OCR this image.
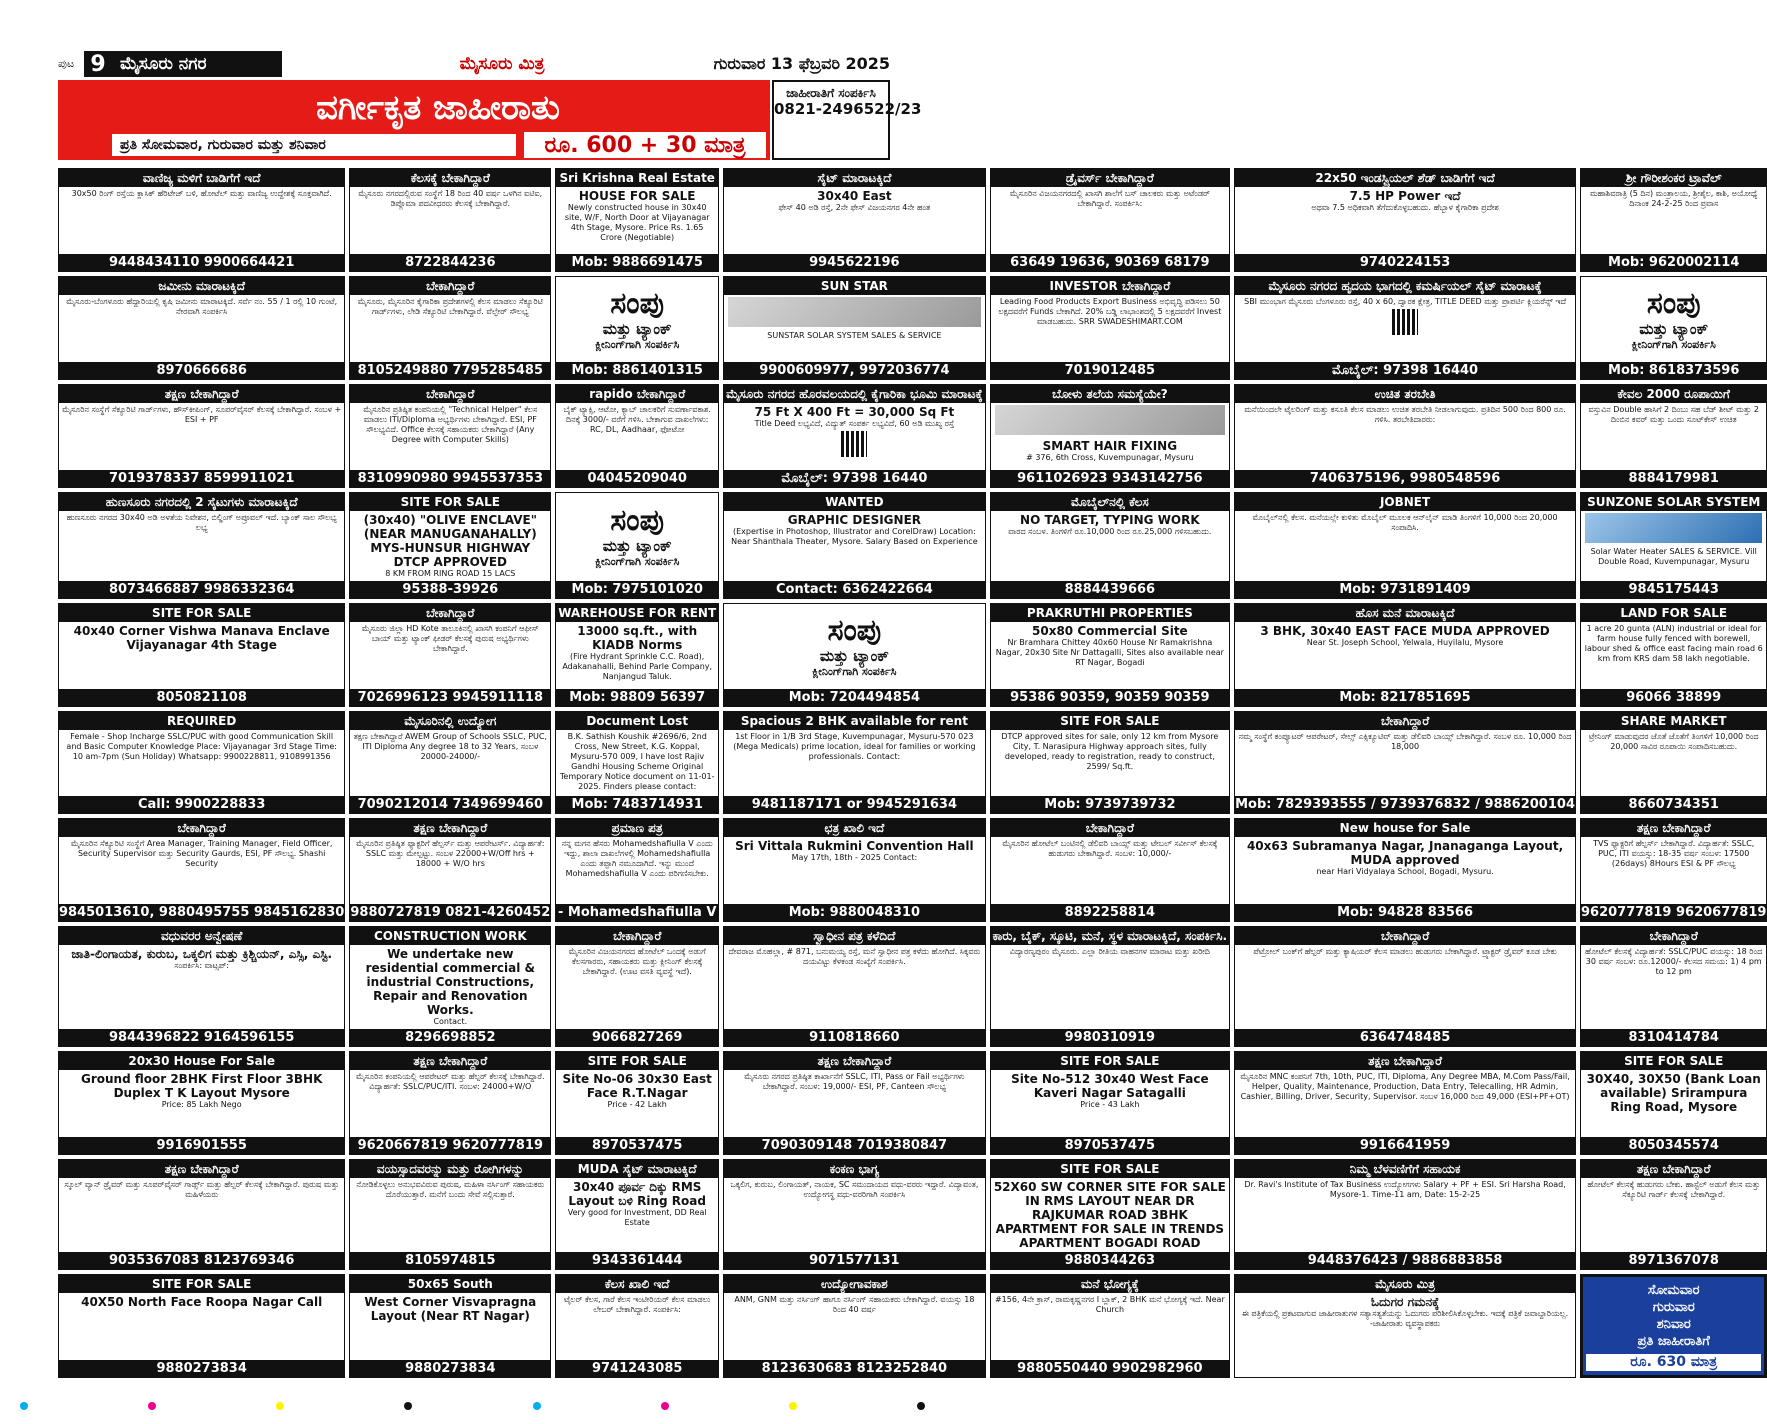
ಪುಟ 9 ಮೈಸೂರು ನಗರ	ಮೈಸೂರು ಮಿತ್ರ	ಗುರುವಾರ 13 ಫೆಬ್ರವರಿ 2025
ವರ್ಗೀಕೃತ ಜಾಹೀರಾತು
ಪ್ರತಿ ಸೋಮವಾರ, ಗುರುವಾರ ಮತ್ತು ಶನಿವಾರ	ರೂ. 600 + 30 ಮಾತ್ರ
ಜಾಹೀರಾತಿಗೆ ಸಂಪರ್ಕಿಸಿ
0821-2496522/23
ವಾಣಿಜ್ಯ ಮಳಿಗೆ ಬಾಡಿಗೆಗೆ ಇದೆ
30x50 ರಿಂಗ್ ರಸ್ತೆಯ ಕ್ಲಾಸಿಕ್ ಹೆರಿಟೇಜ್ ಬಳಿ, ಹೋಟೆಲ್ ಮತ್ತು ವಾಣಿಜ್ಯ ಉದ್ದೇಶಕ್ಕೆ ಸೂಕ್ತವಾಗಿದೆ.
9448434110 9900664421
ಕೆಲಸಕ್ಕೆ ಬೇಕಾಗಿದ್ದಾರೆ
ಮೈಸೂರು ನಗರದಲ್ಲಿರುವ ಸಂಸ್ಥೆಗೆ 18 ರಿಂದ 40 ವರ್ಷ ಒಳಗಿನ ಐಟಿಐ, ಡಿಪ್ಲೊಮಾ ಪದವೀಧರರು ಕೆಲಸಕ್ಕೆ ಬೇಕಾಗಿದ್ದಾರೆ.
8722844236
Sri Krishna Real Estate
HOUSE FOR SALE
Newly constructed house in 30x40 site, W/F, North Door at Vijayanagar 4th Stage, Mysore. Price Rs. 1.65 Crore (Negotiable)
Mob: 9886691475
ಸೈಟ್ ಮಾರಾಟಕ್ಕಿದೆ
30x40 East
ಫೇಸ್ 40 ಅಡಿ ರಸ್ತೆ, 2ನೇ ಫೇಸ್ ವಿಜಯನಗರ 4ನೇ ಹಂತ
9945622196
ಡ್ರೈವರ್ಸ್ ಬೇಕಾಗಿದ್ದಾರೆ
ಮೈಸೂರಿನ ವಿಜಯನಗರದಲ್ಲಿ ಖಾಸಗಿ ಶಾಲೆಗೆ ಬಸ್ ಚಾಲಕರು ಮತ್ತು ಅಟೆಂಡರ್ ಬೇಕಾಗಿದ್ದಾರೆ. ಸಂಪರ್ಕಿಸಿ:
63649 19636, 90369 68179
22x50 ಇಂಡಸ್ಟ್ರಿಯಲ್ ಶೆಡ್ ಬಾಡಿಗೆಗೆ ಇದೆ
7.5 HP Power ಇದೆ
ಅಥವಾ 7.5 ಅಧಿಕವಾಗಿ ತೆಗೆದುಕೊಳ್ಳಬಹುದು. ಹೆಬ್ಬಾಳ ಕೈಗಾರಿಕಾ ಪ್ರದೇಶ
9740224153
ಶ್ರೀ ಗೌರೀಶಂಕರ ಟ್ರಾವೆಲ್
ಮಹಾಶಿವರಾತ್ರಿ (5 ದಿನ) ಮಂತ್ರಾಲಯ, ಶ್ರೀಶೈಲ, ಕಾಶಿ, ಅಯೋಧ್ಯೆ ದಿನಾಂಕ 24-2-25 ರಿಂದ ಪ್ರವಾಸ
Mob: 9620002114
ಜಮೀನು ಮಾರಾಟಕ್ಕಿದೆ
ಮೈಸೂರು-ಬೆಂಗಳೂರು ಹೆದ್ದಾರಿಯಲ್ಲಿ ಕೃಷಿ ಜಮೀನು ಮಾರಾಟಕ್ಕಿದೆ. ಸರ್ವೆ ನಂ. 55 / 1 ರಲ್ಲಿ 10 ಗುಂಟೆ, ನೇರವಾಗಿ ಸಂಪರ್ಕಿಸಿ
8970666686
ಬೇಕಾಗಿದ್ದಾರೆ
ಮೈಸೂರು, ಮೈಸೂರಿನ ಕೈಗಾರಿಕಾ ಪ್ರದೇಶಗಳಲ್ಲಿ ಕೆಲಸ ಮಾಡಲು ಸೆಕ್ಯೂರಿಟಿ ಗಾರ್ಡ್‌ಗಳು, ಲೇಡಿ ಸೆಕ್ಯೂರಿಟಿ ಬೇಕಾಗಿದ್ದಾರೆ. ವೆಲ್ಫೇರ್ ಸೌಲಭ್ಯ
8105249880 7795285485
ಸಂಪು
ಮತ್ತು ಟ್ಯಾಂಕ್
ಕ್ಲೀನಿಂಗ್‌ಗಾಗಿ ಸಂಪರ್ಕಿಸಿ
Mob: 8861401315
SUN STAR
SUNSTAR SOLAR SYSTEM SALES & SERVICE
9900609977, 9972036774
INVESTOR ಬೇಕಾಗಿದ್ದಾರೆ
Leading Food Products Export Business ಅಭಿವೃದ್ಧಿ ಪಡಿಸಲು 50 ಲಕ್ಷದವರೆಗೆ Funds ಬೇಕಾಗಿದೆ. 20% ಬಡ್ಡಿ ಲಾಭಾಂಶದಲ್ಲಿ 5 ಲಕ್ಷದವರೆಗೆ Invest ಮಾಡಬಹುದು. SRR SWADESHIMART.COM
7019012485
ಮೈಸೂರು ನಗರದ ಹೃದಯ ಭಾಗದಲ್ಲಿ ಕಮರ್ಷಿಯಲ್ ಸೈಟ್ ಮಾರಾಟಕ್ಕೆ
SBI ಮುಂಭಾಗ ಮೈಸೂರು ಬೆಂಗಳೂರು ರಸ್ತೆ, 40 x 60, ದ್ವಾರಕ ಕ್ಷೇತ್ರ, TITLE DEED ಮತ್ತು ಪ್ರಾಪರ್ಟಿ ಕ್ಲಿಯರೆನ್ಸ್ ಇದೆ
ಮೊಬೈಲ್: 97398 16440
ಸಂಪು
ಮತ್ತು ಟ್ಯಾಂಕ್
ಕ್ಲೀನಿಂಗ್‌ಗಾಗಿ ಸಂಪರ್ಕಿಸಿ
Mob: 8618373596
ತಕ್ಷಣ ಬೇಕಾಗಿದ್ದಾರೆ
ಮೈಸೂರಿನ ಸಂಸ್ಥೆಗೆ ಸೆಕ್ಯೂರಿಟಿ ಗಾರ್ಡ್‌ಗಳು, ಹೌಸ್‌ಕೀಪಿಂಗ್, ಸೂಪರ್‌ವೈಸರ್ ಕೆಲಸಕ್ಕೆ ಬೇಕಾಗಿದ್ದಾರೆ. ಸಂಬಳ + ESI + PF
7019378337 8599911021
ಬೇಕಾಗಿದ್ದಾರೆ
ಮೈಸೂರಿನ ಪ್ರತಿಷ್ಠಿತ ಕಂಪನಿಯಲ್ಲಿ "Technical Helper" ಕೆಲಸ ಮಾಡಲು ITI/Diploma ಅಭ್ಯರ್ಥಿಗಳು ಬೇಕಾಗಿದ್ದಾರೆ. ESI, PF ಸೌಲಭ್ಯವಿದೆ. Office ಕೆಲಸಕ್ಕೆ ಸಹಾಯಕರು ಬೇಕಾಗಿದ್ದಾರೆ (Any Degree with Computer Skills)
8310990980 9945537353
rapido ಬೇಕಾಗಿದ್ದಾರೆ
ಬೈಕ್ ಟ್ಯಾಕ್ಸಿ, ಆಟೋ, ಕ್ಯಾಬ್ ಚಾಲಕರಿಗೆ ಸುವರ್ಣಾವಕಾಶ. ದಿನಕ್ಕೆ 3000/- ವರೆಗೆ ಗಳಿಸಿ. ಬೇಕಾಗುವ ದಾಖಲೆಗಳು: RC, DL, Aadhaar, ಫೋಟೋ
04045209040
ಮೈಸೂರು ನಗರದ ಹೊರವಲಯದಲ್ಲಿ ಕೈಗಾರಿಕಾ ಭೂಮಿ ಮಾರಾಟಕ್ಕೆ
75 Ft X 400 Ft = 30,000 Sq Ft
Title Deed ಲಭ್ಯವಿದೆ, ವಿದ್ಯುತ್ ಸಂಪರ್ಕ ಲಭ್ಯವಿದೆ, 60 ಅಡಿ ಮುಖ್ಯ ರಸ್ತೆ
ಮೊಬೈಲ್: 97398 16440
ಬೋಳು ತಲೆಯ ಸಮಸ್ಯೆಯೇ?
SMART HAIR FIXING
# 376, 6th Cross, Kuvempunagar, Mysuru
9611026923 9343142756
ಉಚಿತ ತರಬೇತಿ
ಮನೆಯಿಂದಲೇ ಟೈಲರಿಂಗ್ ಮತ್ತು ಕಸೂತಿ ಕೆಲಸ ಮಾಡಲು ಉಚಿತ ತರಬೇತಿ ನೀಡಲಾಗುವುದು. ಪ್ರತಿದಿನ 500 ರಿಂದ 800 ರೂ. ಗಳಿಸಿ. ತರಬೇತಿದಾರರು:
7406375196, 9980548596
ಕೇವಲ 2000 ರೂಪಾಯಿಗೆ
ವಸ್ತುವಿನ Double ಹಾಸಿಗೆ 2 ದಿಂಬು ಸಹ ಬೆಡ್ ಶೀಟ್ ಮತ್ತು 2 ದಿಂಬಿನ ಕವರ್ ಮತ್ತು ಒಂದು ಸೂಟ್‌ಕೇಸ್ ಉಚಿತ
8884179981
ಹುಣಸೂರು ನಗರದಲ್ಲಿ 2 ಸೈಟುಗಳು ಮಾರಾಟಕ್ಕಿದೆ
ಹುಣಸೂರು ನಗರದ 30x40 ಅಡಿ ಅಳತೆಯ ನಿವೇಶನ, ಬಿಲ್ಡಿಂಗ್ ಅಪ್ರೂವಲ್ ಇದೆ. ಬ್ಯಾಂಕ್ ಸಾಲ ಸೌಲಭ್ಯ ಲಭ್ಯ
8073466887 9986332364
SITE FOR SALE
(30x40) "OLIVE ENCLAVE" (NEAR MANUGANAHALLY) MYS-HUNSUR HIGHWAY DTCP APPROVED
8 KM FROM RING ROAD 15 LACS
95388-39926
ಸಂಪು
ಮತ್ತು ಟ್ಯಾಂಕ್
ಕ್ಲೀನಿಂಗ್‌ಗಾಗಿ ಸಂಪರ್ಕಿಸಿ
Mob: 7975101020
WANTED
GRAPHIC DESIGNER
(Expertise in Photoshop, Illustrator and CorelDraw) Location: Near Shanthala Theater, Mysore. Salary Based on Experience
Contact: 6362422664
ಮೊಬೈಲ್‌ನಲ್ಲಿ ಕೆಲಸ
NO TARGET, TYPING WORK
ವಾರದ ಸಂಬಳ. ತಿಂಗಳಿಗೆ ರೂ.10,000 ರಿಂದ ರೂ.25,000 ಗಳಿಸಬಹುದು.
8884439666
JOBNET
ಮೊಬೈಲ್‌ನಲ್ಲಿ ಕೆಲಸ. ಮನೆಯಲ್ಲೇ ಕುಳಿತು ಮೊಬೈಲ್ ಮೂಲಕ ಆನ್‌ಲೈನ್ ಮಾಡಿ ತಿಂಗಳಿಗೆ 10,000 ರಿಂದ 20,000 ಸಂಪಾದಿಸಿ.
Mob: 9731891409
SUNZONE SOLAR SYSTEM
Solar Water Heater SALES & SERVICE. Vill Double Road, Kuvempunagar, Mysuru
9845175443
SITE FOR SALE
40x40 Corner Vishwa Manava Enclave Vijayanagar 4th Stage
8050821108
ಬೇಕಾಗಿದ್ದಾರೆ
ಮೈಸೂರು ಜಿಲ್ಲಾ HD Kote ತಾಲೂಕಿನಲ್ಲಿ ಖಾಸಗಿ ಕಂಪನಿಗೆ ಆಫೀಸ್ ಬಾಯ್ ಮತ್ತು ಟ್ಯಾಂಕ್ ಫೀಡರ್ ಕೆಲಸಕ್ಕೆ ಪುರುಷ ಅಭ್ಯರ್ಥಿಗಳು ಬೇಕಾಗಿದ್ದಾರೆ.
7026996123 9945911118
WAREHOUSE FOR RENT
13000 sq.ft., with KIADB Norms
(Fire Hydrant Sprinkle C.C. Road), Adakanahalli, Behind Parle Company, Nanjangud Taluk.
Mob: 98809 56397
ಸಂಪು
ಮತ್ತು ಟ್ಯಾಂಕ್
ಕ್ಲೀನಿಂಗ್‌ಗಾಗಿ ಸಂಪರ್ಕಿಸಿ
Mob: 7204494854
PRAKRUTHI PROPERTIES
50x80 Commercial Site
Nr Bramhara Chittey 40x60 House Nr Ramakrishna Nagar, 20x30 Site Nr Dattagalli, Sites also available near RT Nagar, Bogadi
95386 90359, 90359 90359
ಹೊಸ ಮನೆ ಮಾರಾಟಕ್ಕಿದೆ
3 BHK, 30x40 EAST FACE MUDA APPROVED
Near St. Joseph School, Yelwala, Huyilalu, Mysore
Mob: 8217851695
LAND FOR SALE
1 acre 20 gunta (ALN) industrial or ideal for farm house fully fenced with borewell, labour shed & office east facing main road 6 km from KRS dam 58 lakh negotiable.
96066 38899
REQUIRED
Female - Shop Incharge SSLC/PUC with good Communication Skill and Basic Computer Knowledge Place: Vijayanagar 3rd Stage Time: 10 am-7pm (Sun Holiday) Whatsapp: 9900228811, 9108991356
Call: 9900228833
ಮೈಸೂರಿನಲ್ಲಿ ಉದ್ಯೋಗ
ತಕ್ಷಣ ಬೇಕಾಗಿದ್ದಾರೆ AWEM Group of Schools SSLC, PUC, ITI Diploma Any degree 18 to 32 Years, ಸಂಬಳ 20000-24000/-
7090212014 7349699460
Document Lost
B.K. Sathish Koushik #2696/6, 2nd Cross, New Street, K.G. Koppal, Mysuru-570 009, I have lost Rajiv Gandhi Housing Scheme Original Temporary Notice document on 11-01-2025. Finders please contact:
Mob: 7483714931
Spacious 2 BHK available for rent
1st Floor in 1/B 3rd Stage, Kuvempunagar, Mysuru-570 023 (Mega Medicals) prime location, ideal for families or working professionals. Contact:
9481187171 or 9945291634
SITE FOR SALE
DTCP approved sites for sale, only 12 km from Mysore City, T. Narasipura Highway approach sites, fully developed, ready to registration, ready to construct, 2599/ Sq.ft.
Mob: 9739739732
ಬೇಕಾಗಿದ್ದಾರೆ
ನಮ್ಮ ಸಂಸ್ಥೆಗೆ ಕಂಪ್ಯೂಟರ್ ಆಪರೇಟರ್, ಸೇಲ್ಸ್ ಎಕ್ಸಿಕ್ಯೂಟಿವ್ ಮತ್ತು ಡೆಲಿವರಿ ಬಾಯ್ಸ್ ಬೇಕಾಗಿದ್ದಾರೆ. ಸಂಬಳ ರೂ. 10,000 ರಿಂದ 18,000
Mob: 7829393555 / 9739376832 / 9886200104
SHARE MARKET
ಟ್ರೇನಿಂಗ್ ಮಾಡುವುದರ ಜೊತೆ ಜೊತೆಗೆ ತಿಂಗಳಿಗೆ 10,000 ರಿಂದ 20,000 ಸಾವಿರ ರೂಪಾಯಿ ಸಂಪಾದಿಸಬಹುದು.
8660734351
ಬೇಕಾಗಿದ್ದಾರೆ
ಮೈಸೂರಿನ ಸೆಕ್ಯೂರಿಟಿ ಸಂಸ್ಥೆಗೆ Area Manager, Training Manager, Field Officer, Security Supervisor ಮತ್ತು Security Gaurds, ESI, PF ಸೌಲಭ್ಯ. Shashi Security
9845013610, 9880495755 9845162830
ತಕ್ಷಣ ಬೇಕಾಗಿದ್ದಾರೆ
ಮೈಸೂರಿನ ಪ್ರತಿಷ್ಠಿತ ಫ್ಯಾಕ್ಟರಿಗೆ ಹೆಲ್ಪರ್ಸ್ ಮತ್ತು ಆಪರೇಟರ್ಸ್. ವಿದ್ಯಾರ್ಹತೆ: SSLC ಮತ್ತು ಮೇಲ್ಪಟ್ಟು. ಸಂಬಳ 22000+W/Off hrs + 18000 + W/O hrs
9880727819 0821-4260452
ಪ್ರಮಾಣ ಪತ್ರ
ನನ್ನ ಮಗನ ಹೆಸರು Mohamedshafiulla V ಎಂದು ಇದ್ದು, ಶಾಲಾ ದಾಖಲೆಗಳಲ್ಲಿ Mohamedshafiulla ಎಂದು ತಪ್ಪಾಗಿ ನಮೂದಾಗಿದೆ. ಇನ್ನು ಮುಂದೆ Mohamedshafiulla V ಎಂದು ಪರಿಗಣಿಸಬೇಕು.
- Mohamedshafiulla V
ಛತ್ರ ಖಾಲಿ ಇದೆ
Sri Vittala Rukmini Convention Hall
May 17th, 18th - 2025 Contact:
Mob: 9880048310
ಬೇಕಾಗಿದ್ದಾರೆ
ಮೈಸೂರಿನ ಹೋಟೆಲ್ ಬಂಟಿನಲ್ಲಿ ಡೆಲಿವರಿ ಬಾಯ್ಸ್ ಮತ್ತು ಟೇಬಲ್ ಸರ್ವೀಸ್ ಕೆಲಸಕ್ಕೆ ಹುಡುಗರು ಬೇಕಾಗಿದ್ದಾರೆ. ಸಂಬಳ: 10,000/-
8892258814
New house for Sale
40x63 Subramanya Nagar, Jnanaganga Layout, MUDA approved
near Hari Vidyalaya School, Bogadi, Mysuru.
Mob: 94828 83566
ತಕ್ಷಣ ಬೇಕಾಗಿದ್ದಾರೆ
TVS ಫ್ಯಾಕ್ಟರಿಗೆ ಹೆಲ್ಪರ್ಸ್ ಬೇಕಾಗಿದ್ದಾರೆ. ವಿದ್ಯಾರ್ಹತೆ: SSLC, PUC, ITI ವಯಸ್ಸು: 18-35 ವರ್ಷ ಸಂಬಳ: 17500 (26days) 8Hours ESI & PF ಸೌಲಭ್ಯ
9620777819 9620677819
ವಧುವರರ ಅನ್ವೇಷಣೆ
ಜಾತಿ-ಲಿಂಗಾಯತ, ಕುರುಬ, ಒಕ್ಕಲಿಗ ಮತ್ತು ಕ್ರಿಶ್ಚಿಯನ್, ಎಸ್ಸಿ, ಎಸ್ಟಿ.
ಸಂಪರ್ಕಿಸಿ: ವಾಟ್ಸಪ್:
9844396822 9164596155
CONSTRUCTION WORK
We undertake new residential commercial & industrial Constructions, Repair and Renovation Works.
Contact.
8296698852
ಬೇಕಾಗಿದ್ದಾರೆ
ಮೈಸೂರಿನ ವಿಜಯನಗರದ ಹೋಟೆಲ್ ಒಂದಕ್ಕೆ ಅಡುಗೆ ಕೆಲಸಗಾರರು, ಸಹಾಯಕರು ಮತ್ತು ಕ್ಲೀನಿಂಗ್ ಕೆಲಸಕ್ಕೆ ಬೇಕಾಗಿದ್ದಾರೆ. (ಊಟ ವಸತಿ ವ್ಯವಸ್ಥೆ ಇದೆ).
9066827269
ಸ್ವಾಧೀನ ಪತ್ರ ಕಳೆದಿದೆ
ದೇವರಾಜ ಮೊಹಲ್ಲಾ, # 871, ಬನುಮಯ್ಯ ರಸ್ತೆ, ಮನೆ ಸ್ವಾಧೀನ ಪತ್ರ ಕಳೆದು ಹೋಗಿದೆ. ಸಿಕ್ಕವರು ದಯವಿಟ್ಟು ಕೆಳಕಂಡ ಸಂಖ್ಯೆಗೆ ಸಂಪರ್ಕಿಸಿ.
9110818660
ಕಾರು, ಬೈಕ್, ಸ್ಕೂಟಿ, ಮನೆ, ಸ್ಥಳ ಮಾರಾಟಕ್ಕಿದೆ, ಸಂಪರ್ಕಿಸಿ.
ವಿದ್ಯಾರಣ್ಯಪುರಂ ಮೈಸೂರು. ಎಲ್ಲಾ ರೀತಿಯ ವಾಹನಗಳ ಮಾರಾಟ ಮತ್ತು ಖರೀದಿ
9980310919
ಬೇಕಾಗಿದ್ದಾರೆ
ಪೆಟ್ರೋಲ್ ಬಂಕ್‌ಗೆ ಹೆಲ್ಪರ್ ಮತ್ತು ಕ್ಯಾಷಿಯರ್ ಕೆಲಸ ಮಾಡಲು ಹುಡುಗರು ಬೇಕಾಗಿದ್ದಾರೆ. ಟ್ರ್ಯಾಕ್ಟರ್ ಡ್ರೈವರ್ ಕೂಡ ಬೇಕು
6364748485
ಬೇಕಾಗಿದ್ದಾರೆ
ಹೋಟೆಲ್ ಕೆಲಸಕ್ಕೆ ವಿದ್ಯಾರ್ಹತೆ: SSLC/PUC ವಯಸ್ಸು: 18 ರಿಂದ 30 ವರ್ಷ ಸಂಬಳ: ರೂ.12000/- ಕೆಲಸದ ಸಮಯ: 1) 4 pm to 12 pm
8310414784
20x30 House For Sale
Ground floor 2BHK First Floor 3BHK Duplex T K Layout Mysore
Price: 85 Lakh Nego
9916901555
ತಕ್ಷಣ ಬೇಕಾಗಿದ್ದಾರೆ
ಮೈಸೂರಿನ ಕಂಪನಿಯಲ್ಲಿ ಆಪರೇಟರ್ ಮತ್ತು ಹೆಲ್ಪರ್ ಕೆಲಸಕ್ಕೆ ಬೇಕಾಗಿದ್ದಾರೆ. ವಿದ್ಯಾರ್ಹತೆ: SSLC/PUC/ITI. ಸಂಬಳ: 24000+W/O
9620667819 9620777819
SITE FOR SALE
Site No-06 30x30 East Face R.T.Nagar
Price - 42 Lakh
8970537475
ತಕ್ಷಣ ಬೇಕಾಗಿದ್ದಾರೆ
ಮೈಸೂರು ನಗರದ ಪ್ರತಿಷ್ಠಿತ ಕಾರ್ಖಾನೆಗೆ SSLC, ITI, Pass or Fail ಅಭ್ಯರ್ಥಿಗಳು ಬೇಕಾಗಿದ್ದಾರೆ. ಸಂಬಳ: 19,000/- ESI, PF, Canteen ಸೌಲಭ್ಯ
7090309148 7019380847
SITE FOR SALE
Site No-512 30x40 West Face Kaveri Nagar Satagalli
Price - 43 Lakh
8970537475
ತಕ್ಷಣ ಬೇಕಾಗಿದ್ದಾರೆ
ಮೈಸೂರಿನ MNC ಕಂಪನಿಗೆ 7th, 10th, PUC, ITI, Diploma, Any Degree MBA, M.Com Pass/Fail, Helper, Quality, Maintenance, Production, Data Entry, Telecalling, HR Admin, Cashier, Billing, Driver, Security, Supervisor. ಸಂಬಳ 16,000 ರಿಂದ 49,000 (ESI+PF+OT)
9916641959
SITE FOR SALE
30X40, 30X50 (Bank Loan available) Srirampura Ring Road, Mysore
8050345574
ತಕ್ಷಣ ಬೇಕಾಗಿದ್ದಾರೆ
ಸ್ಕೂಲ್ ವ್ಯಾನ್ ಡ್ರೈವರ್ ಮತ್ತು ಸೂಪರ್‌ವೈಸರ್ ಗಾರ್ಡ್ಸ್ ಮತ್ತು ಹೆಲ್ಪರ್ ಕೆಲಸಕ್ಕೆ ಬೇಕಾಗಿದ್ದಾರೆ. ಪುರುಷ ಮತ್ತು ಮಹಿಳೆಯರು
9035367083 8123769346
ವಯಸ್ಸಾದವರನ್ನು ಮತ್ತು ರೋಗಿಗಳನ್ನು
ನೋಡಿಕೊಳ್ಳಲು ಅನುಭವವಿರುವ ಪುರುಷ, ಮಹಿಳಾ ನರ್ಸಿಂಗ್ ಸಹಾಯಕರು ದೊರೆಯುತ್ತಾರೆ. ಮನೆಗೆ ಬಂದು ಸೇವೆ ಸಲ್ಲಿಸುತ್ತಾರೆ.
8105974815
MUDA ಸೈಟ್ ಮಾರಾಟಕ್ಕಿದೆ
30x40 ಪೂರ್ವ ದಿಕ್ಕು RMS Layout ಬಳಿ Ring Road
Very good for Investment, DD Real Estate
9343361444
ಕಂಕಣ ಭಾಗ್ಯ
ಒಕ್ಕಲಿಗ, ಕುರುಬ, ಲಿಂಗಾಯತ್, ನಾಯಕ, SC ಸಮುದಾಯದ ವಧು-ವರರು ಇದ್ದಾರೆ. ವಿದ್ಯಾವಂತ, ಉದ್ಯೋಗಸ್ಥ ವಧು-ವರರಿಗಾಗಿ ಸಂಪರ್ಕಿಸಿ
9071577131
SITE FOR SALE
52X60 SW CORNER SITE FOR SALE IN RMS LAYOUT NEAR DR RAJKUMAR ROAD 3BHK APARTMENT FOR SALE IN TRENDS APARTMENT BOGADI ROAD
9880344263
ನಿಮ್ಮ ಬೆಳವಣಿಗೆಗೆ ಸಹಾಯಕ
Dr. Ravi's Institute of Tax Business ಉದ್ಯೋಗಗಳು Salary + PF + ESI. Sri Harsha Road, Mysore-1. Time-11 am, Date: 15-2-25
9448376423 / 9886883858
ತಕ್ಷಣ ಬೇಕಾಗಿದ್ದಾರೆ
ಹೋಟೆಲ್ ಕೆಲಸಕ್ಕೆ ಹುಡುಗರು ಬೇಕು. ಹಾಸ್ಟೆಲ್ ಅಡುಗೆ ಕೆಲಸ ಮತ್ತು ಸೆಕ್ಯೂರಿಟಿ ಗಾರ್ಡ್ ಕೆಲಸಕ್ಕೆ ಬೇಕಾಗಿದ್ದಾರೆ.
8971367078
SITE FOR SALE
40X50 North Face Roopa Nagar Call
9880273834
50x65 South
West Corner Visvapragna Layout (Near RT Nagar)
9880273834
ಕೆಲಸ ಖಾಲಿ ಇದೆ
ಟೈಲರ್ ಕೆಲಸ, ಗಾರೆ ಕೆಲಸ ಇಂಟೀರಿಯರ್ ಕೆಲಸ ಮಾಡಲು ಲೇಬರ್ ಬೇಕಾಗಿದ್ದಾರೆ. ಸಂಪರ್ಕಿಸಿ:
9741243085
ಉದ್ಯೋಗಾವಕಾಶ
ANM, GNM ಮತ್ತು ನರ್ಸಿಂಗ್ ಹಾಗೂ ನರ್ಸಿಂಗ್ ಸಹಾಯಕರು ಬೇಕಾಗಿದ್ದಾರೆ. ವಯಸ್ಸು 18 ರಿಂದ 40 ವರ್ಷ
8123630683 8123252840
ಮನೆ ಭೋಗ್ಯಕ್ಕೆ
#156, 4ನೇ ಕ್ರಾಸ್, ರಾಮಕೃಷ್ಣನಗರ I ಬ್ಲಾಕ್, 2 BHK ಮನೆ ಭೋಗ್ಯಕ್ಕೆ ಇದೆ. Near Church
9880550440 9902982960
ಮೈಸೂರು ಮಿತ್ರ
ಓದುಗರ ಗಮನಕ್ಕೆ
ಈ ಪತ್ರಿಕೆಯಲ್ಲಿ ಪ್ರಕಟವಾಗುವ ಜಾಹೀರಾತುಗಳ ಸತ್ಯಾಸತ್ಯತೆಯನ್ನು ಓದುಗರು ಪರಿಶೀಲಿಸಿಕೊಳ್ಳಬೇಕು. ಇದಕ್ಕೆ ಪತ್ರಿಕೆ ಜವಾಬ್ದಾರಿಯಲ್ಲ. -ಜಾಹೀರಾತು ವ್ಯವಸ್ಥಾಪಕರು
ಸೋಮವಾರ
ಗುರುವಾರ
ಶನಿವಾರ
ಪ್ರತಿ ಜಾಹೀರಾತಿಗೆ
ರೂ. 630 ಮಾತ್ರ
